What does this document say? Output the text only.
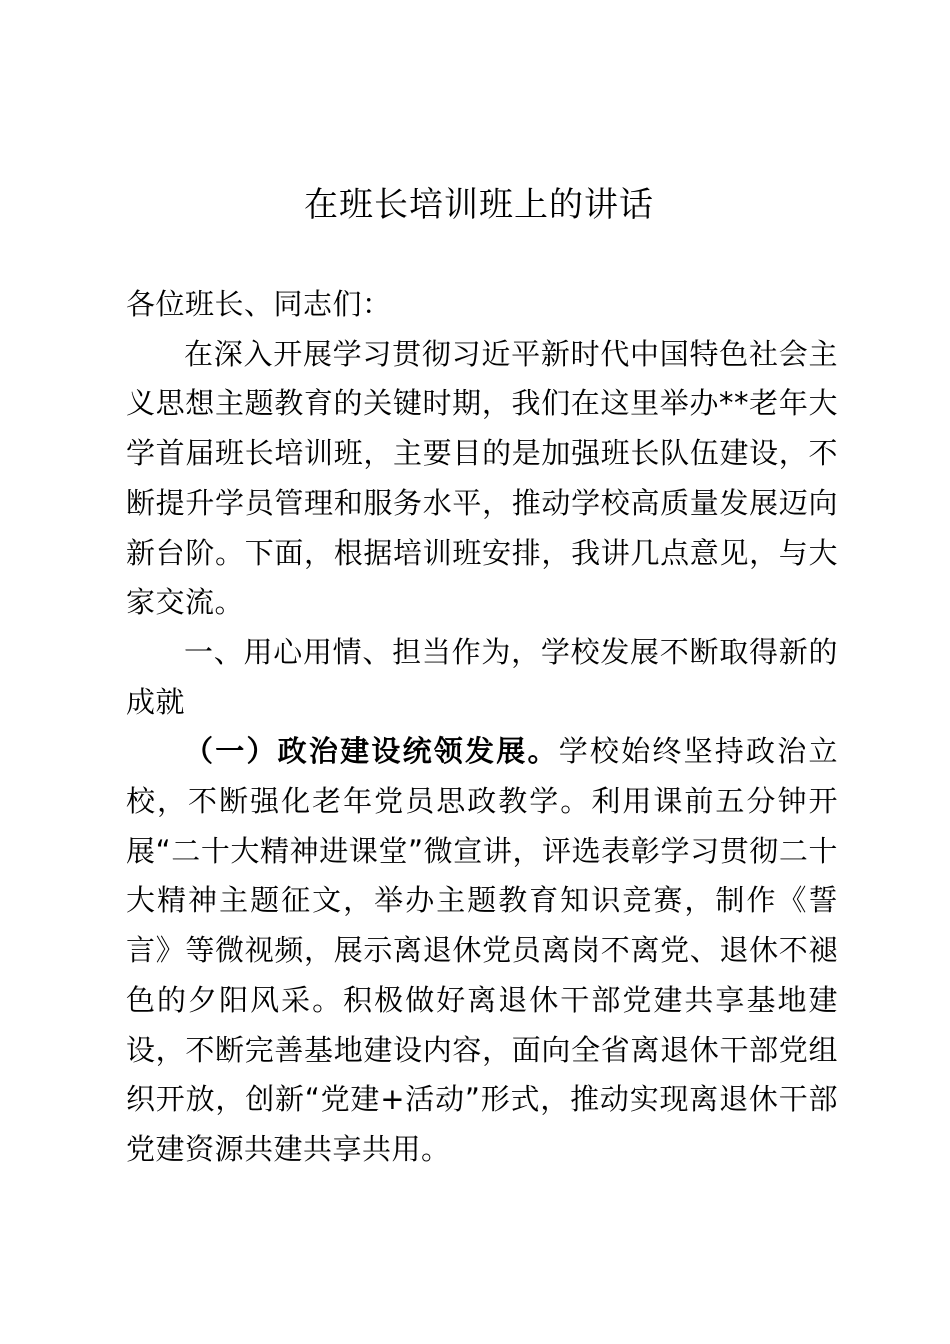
在班长培训班上的讲话

各位班长、同志们：

在深入开展学习贯彻习近平新时代中国特色社会主义思想主题教育的关键时期，我们在这里举办**老年大学首届班长培训班，主要目的是加强班长队伍建设，不断提升学员管理和服务水平，推动学校高质量发展迈向新台阶。下面，根据培训班安排，我讲几点意见，与大家交流。

一、用心用情、担当作为，学校发展不断取得新的成就

（一）政治建设统领发展。学校始终坚持政治立校，不断强化老年党员思政教学。利用课前五分钟开展“二十大精神进课堂”微宣讲，评选表彰学习贯彻二十大精神主题征文，举办主题教育知识竞赛，制作《誓言》等微视频，展示离退休党员离岗不离党、退休不褪色的夕阳风采。积极做好离退休干部党建共享基地建设，不断完善基地建设内容，面向全省离退休干部党组织开放，创新“党建+活动”形式，推动实现离退休干部党建资源共建共享共用。
